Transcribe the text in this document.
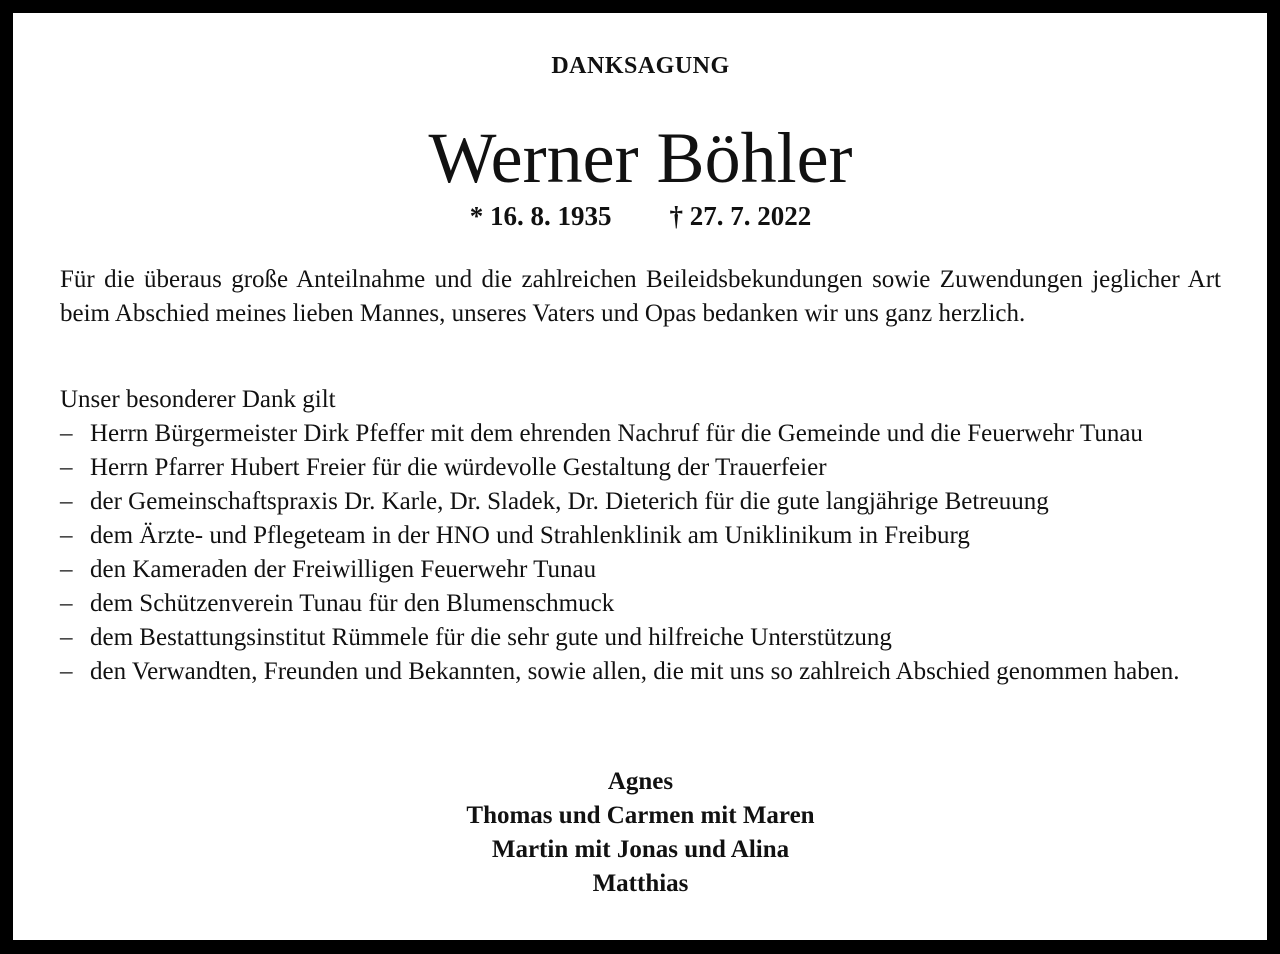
DANKSAGUNG
Werner Böhler
* 16. 8. 1935 † 27. 7. 2022
Für die überaus große Anteilnahme und die zahlreichen Beileidsbekundungen sowie Zuwendungen jeglicher Art beim Abschied meines lieben Mannes, unseres Vaters und Opas bedanken wir uns ganz herzlich.
Unser besonderer Dank gilt
– Herrn Bürgermeister Dirk Pfeffer mit dem ehrenden Nachruf für die Gemeinde und die Feuerwehr Tunau
– Herrn Pfarrer Hubert Freier für die würdevolle Gestaltung der Trauerfeier
– der Gemeinschaftspraxis Dr. Karle, Dr. Sladek, Dr. Dieterich für die gute langjährige Betreuung
– dem Ärzte- und Pflegeteam in der HNO und Strahlenklinik am Uniklinikum in Freiburg
– den Kameraden der Freiwilligen Feuerwehr Tunau
– dem Schützenverein Tunau für den Blumenschmuck
– dem Bestattungsinstitut Rümmele für die sehr gute und hilfreiche Unterstützung
– den Verwandten, Freunden und Bekannten, sowie allen, die mit uns so zahlreich Abschied genommen haben.
Agnes
Thomas und Carmen mit Maren
Martin mit Jonas und Alina
Matthias
